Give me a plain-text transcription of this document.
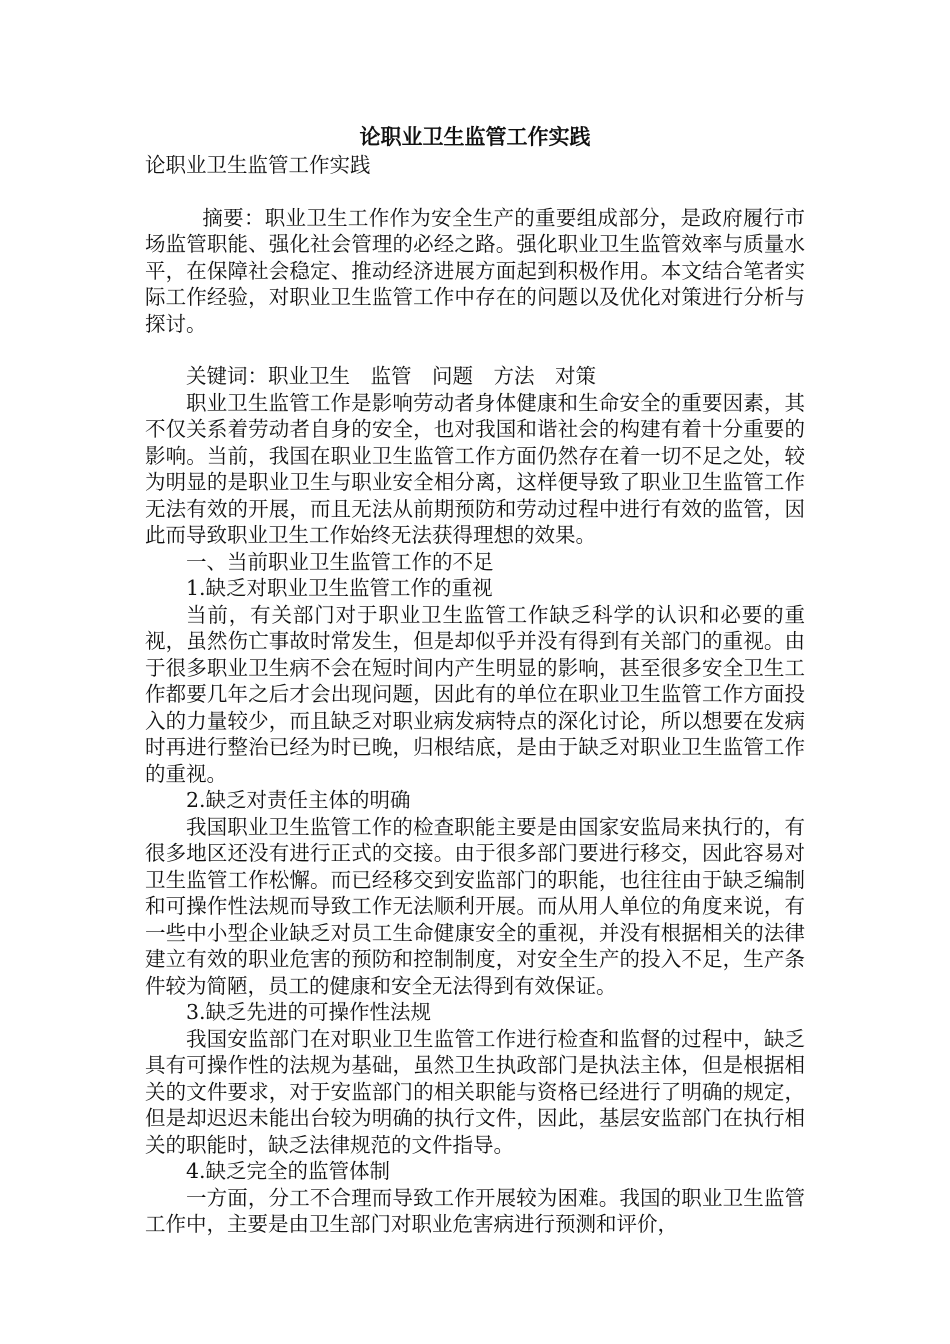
论职业卫生监管工作实践

论职业卫生监管工作实践

摘要：职业卫生工作作为安全生产的重要组成部分，是政府履行市场监管职能、强化社会管理的必经之路。强化职业卫生监管效率与质量水平，在保障社会稳定、推动经济进展方面起到积极作用。本文结合笔者实际工作经验，对职业卫生监管工作中存在的问题以及优化对策进行分析与探讨。

关键词：职业卫生　监管　问题　方法　对策

职业卫生监管工作是影响劳动者身体健康和生命安全的重要因素，其不仅关系着劳动者自身的安全，也对我国和谐社会的构建有着十分重要的影响。当前，我国在职业卫生监管工作方面仍然存在着一切不足之处，较为明显的是职业卫生与职业安全相分离，这样便导致了职业卫生监管工作无法有效的开展，而且无法从前期预防和劳动过程中进行有效的监管，因此而导致职业卫生工作始终无法获得理想的效果。

一、当前职业卫生监管工作的不足

1.缺乏对职业卫生监管工作的重视

当前，有关部门对于职业卫生监管工作缺乏科学的认识和必要的重视，虽然伤亡事故时常发生，但是却似乎并没有得到有关部门的重视。由于很多职业卫生病不会在短时间内产生明显的影响，甚至很多安全卫生工作都要几年之后才会出现问题，因此有的单位在职业卫生监管工作方面投入的力量较少，而且缺乏对职业病发病特点的深化讨论，所以想要在发病时再进行整治已经为时已晚，归根结底，是由于缺乏对职业卫生监管工作的重视。

2.缺乏对责任主体的明确

我国职业卫生监管工作的检查职能主要是由国家安监局来执行的，有很多地区还没有进行正式的交接。由于很多部门要进行移交，因此容易对卫生监管工作松懈。而已经移交到安监部门的职能，也往往由于缺乏编制和可操作性法规而导致工作无法顺利开展。而从用人单位的角度来说，有一些中小型企业缺乏对员工生命健康安全的重视，并没有根据相关的法律建立有效的职业危害的预防和控制制度，对安全生产的投入不足，生产条件较为简陋，员工的健康和安全无法得到有效保证。

3.缺乏先进的可操作性法规

我国安监部门在对职业卫生监管工作进行检查和监督的过程中，缺乏具有可操作性的法规为基础，虽然卫生执政部门是执法主体，但是根据相关的文件要求，对于安监部门的相关职能与资格已经进行了明确的规定，但是却迟迟未能出台较为明确的执行文件，因此，基层安监部门在执行相关的职能时，缺乏法律规范的文件指导。

4.缺乏完全的监管体制

一方面，分工不合理而导致工作开展较为困难。我国的职业卫生监管工作中，主要是由卫生部门对职业危害病进行预测和评价，
